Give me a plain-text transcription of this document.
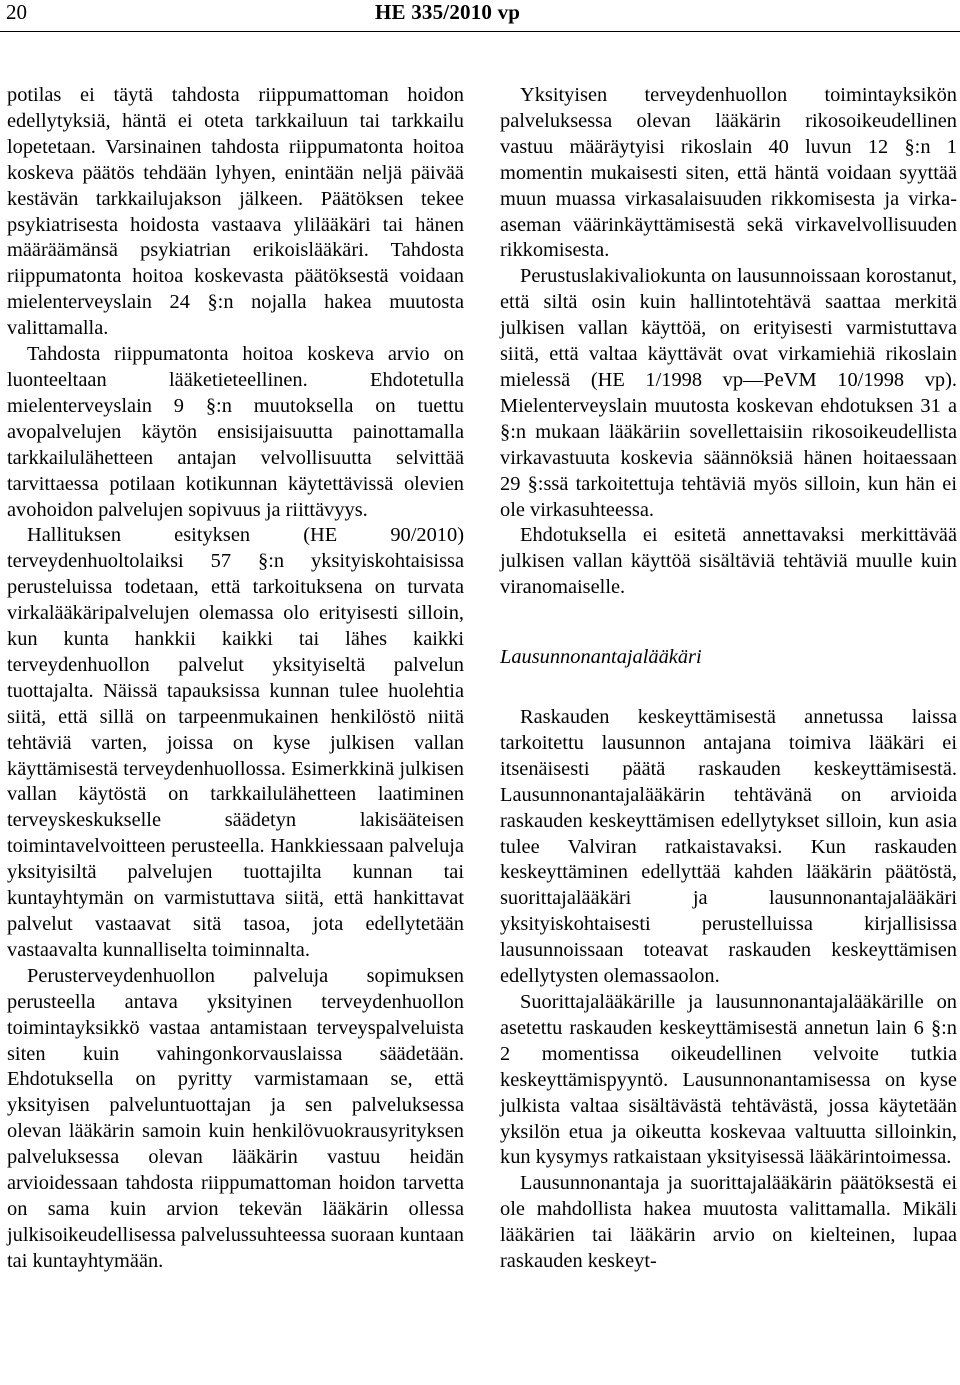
20	HE 335/2010 vp

potilas ei täytä tahdosta riippumattoman hoidon edellytyksiä, häntä ei oteta tarkkailuun tai tarkkailu lopetetaan. Varsinainen tahdosta riippumatonta hoitoa koskeva päätös tehdään lyhyen, enintään neljä päivää kestävän tarkkailujakson jälkeen. Päätöksen tekee psykiatrisesta hoidosta vastaava ylilääkäri tai hänen määräämänsä psykiatrian erikoislääkäri. Tahdosta riippumatonta hoitoa koskevasta päätöksestä voidaan mielenterveyslain 24 §:n nojalla hakea muutosta valittamalla.

Tahdosta riippumatonta hoitoa koskeva arvio on luonteeltaan lääketieteellinen. Ehdotetulla mielenterveyslain 9 §:n muutoksella on tuettu avopalvelujen käytön ensisijaisuutta painottamalla tarkkailulähetteen antajan velvollisuutta selvittää tarvittaessa potilaan kotikunnan käytettävissä olevien avohoidon palvelujen sopivuus ja riittävyys.

Hallituksen esityksen (HE 90/2010) terveydenhuoltolaiksi 57 §:n yksityiskohtaisissa perusteluissa todetaan, että tarkoituksena on turvata virkalääkäripalvelujen olemassa olo erityisesti silloin, kun kunta hankkii kaikki tai lähes kaikki terveydenhuollon palvelut yksityiseltä palvelun tuottajalta. Näissä tapauksissa kunnan tulee huolehtia siitä, että sillä on tarpeenmukainen henkilöstö niitä tehtäviä varten, joissa on kyse julkisen vallan käyttämisestä terveydenhuollossa. Esimerkkinä julkisen vallan käytöstä on tarkkailulähetteen laatiminen terveyskeskukselle säädetyn lakisääteisen toimintavelvoitteen perusteella. Hankkiessaan palveluja yksityisiltä palvelujen tuottajilta kunnan tai kuntayhtymän on varmistuttava siitä, että hankittavat palvelut vastaavat sitä tasoa, jota edellytetään vastaavalta kunnalliselta toiminnalta.

Perusterveydenhuollon palveluja sopimuksen perusteella antava yksityinen terveydenhuollon toimintayksikkö vastaa antamistaan terveyspalveluista siten kuin vahingonkorvauslaissa säädetään. Ehdotuksella on pyritty varmistamaan se, että yksityisen palveluntuottajan ja sen palveluksessa olevan lääkärin samoin kuin henkilövuokrausyrityksen palveluksessa olevan lääkärin vastuu heidän arvioidessaan tahdosta riippumattoman hoidon tarvetta on sama kuin arvion tekevän lääkärin ollessa julkisoikeudellisessa palvelussuhteessa suoraan kuntaan tai kuntayhtymään.

Yksityisen terveydenhuollon toimintayksikön palveluksessa olevan lääkärin rikosoikeudellinen vastuu määräytyisi rikoslain 40 luvun 12 §:n 1 momentin mukaisesti siten, että häntä voidaan syyttää muun muassa virkasalaisuuden rikkomisesta ja virka-aseman väärinkäyttämisestä sekä virkavelvollisuuden rikkomisesta.

Perustuslakivaliokunta on lausunnoissaan korostanut, että siltä osin kuin hallintotehtävä saattaa merkitä julkisen vallan käyttöä, on erityisesti varmistuttava siitä, että valtaa käyttävät ovat virkamiehiä rikoslain mielessä (HE 1/1998 vp—PeVM 10/1998 vp). Mielenterveyslain muutosta koskevan ehdotuksen 31 a §:n mukaan lääkäriin sovellettaisiin rikosoikeudellista virkavastuuta koskevia säännöksiä hänen hoitaessaan 29 §:ssä tarkoitettuja tehtäviä myös silloin, kun hän ei ole virkasuhteessa.

Ehdotuksella ei esitetä annettavaksi merkittävää julkisen vallan käyttöä sisältäviä tehtäviä muulle kuin viranomaiselle.

Lausunnonantajalääkäri

Raskauden keskeyttämisestä annetussa laissa tarkoitettu lausunnon antajana toimiva lääkäri ei itsenäisesti päätä raskauden keskeyttämisestä. Lausunnonantajalääkärin tehtävänä on arvioida raskauden keskeyttämisen edellytykset silloin, kun asia tulee Valviran ratkaistavaksi. Kun raskauden keskeyttäminen edellyttää kahden lääkärin päätöstä, suorittajalääkäri ja lausunnonantajalääkäri yksityiskohtaisesti perustelluissa kirjallisissa lausunnoissaan toteavat raskauden keskeyttämisen edellytysten olemassaolon.

Suorittajalääkärille ja lausunnonantajalääkärille on asetettu raskauden keskeyttämisestä annetun lain 6 §:n 2 momentissa oikeudellinen velvoite tutkia keskeyttämispyyntö. Lausunnonantamisessa on kyse julkista valtaa sisältävästä tehtävästä, jossa käytetään yksilön etua ja oikeutta koskevaa valtuutta silloinkin, kun kysymys ratkaistaan yksityisessä lääkärintoimessa.

Lausunnonantaja ja suorittajalääkärin päätöksestä ei ole mahdollista hakea muutosta valittamalla. Mikäli lääkärien tai lääkärin arvio on kielteinen, lupaa raskauden keskeyt-
